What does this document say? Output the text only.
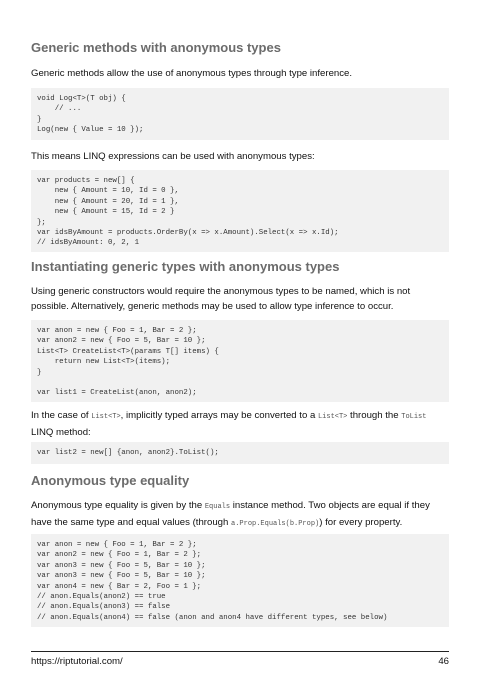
Generic methods with anonymous types

Generic methods allow the use of anonymous types through type inference.

void Log<T>(T obj) {
// ...
}
Log(new { Value = 10 });

This means LINQ expressions can be used with anonymous types:

var products = new[] {
new { Amount = 10, Id = 0 },
new { Amount = 20, Id = 1 },
new { Amount = 15, Id = 2 }
};
var idsByAmount = products.OrderBy(x => x.Amount).Select(x => x.Id);
// idsByAmount: 0, 2, 1
Instantiating generic types with anonymous types

Using generic constructors would require the anonymous types to be named, which is not possible. Alternatively, generic methods may be used to allow type inference to occur.

var anon = new { Foo = 1, Bar = 2 };
var anon2 = new { Foo = 5, Bar = 10 };
List<T> CreateList<T>(params T[] items) {
return new List<T>(items);
}

var list1 = CreateList(anon, anon2);

In the case of List<T>, implicitly typed arrays may be converted to a List<T> through the ToList LINQ method:

var list2 = new[] {anon, anon2}.ToList();
Anonymous type equality

Anonymous type equality is given by the Equals instance method. Two objects are equal if they have the same type and equal values (through a.Prop.Equals(b.Prop)) for every property.

var anon = new { Foo = 1, Bar = 2 };
var anon2 = new { Foo = 1, Bar = 2 };
var anon3 = new { Foo = 5, Bar = 10 };
var anon3 = new { Foo = 5, Bar = 10 };
var anon4 = new { Bar = 2, Foo = 1 };
// anon.Equals(anon2) == true
// anon.Equals(anon3) == false
// anon.Equals(anon4) == false (anon and anon4 have different types, see below)
https://riptutorial.com/	46
